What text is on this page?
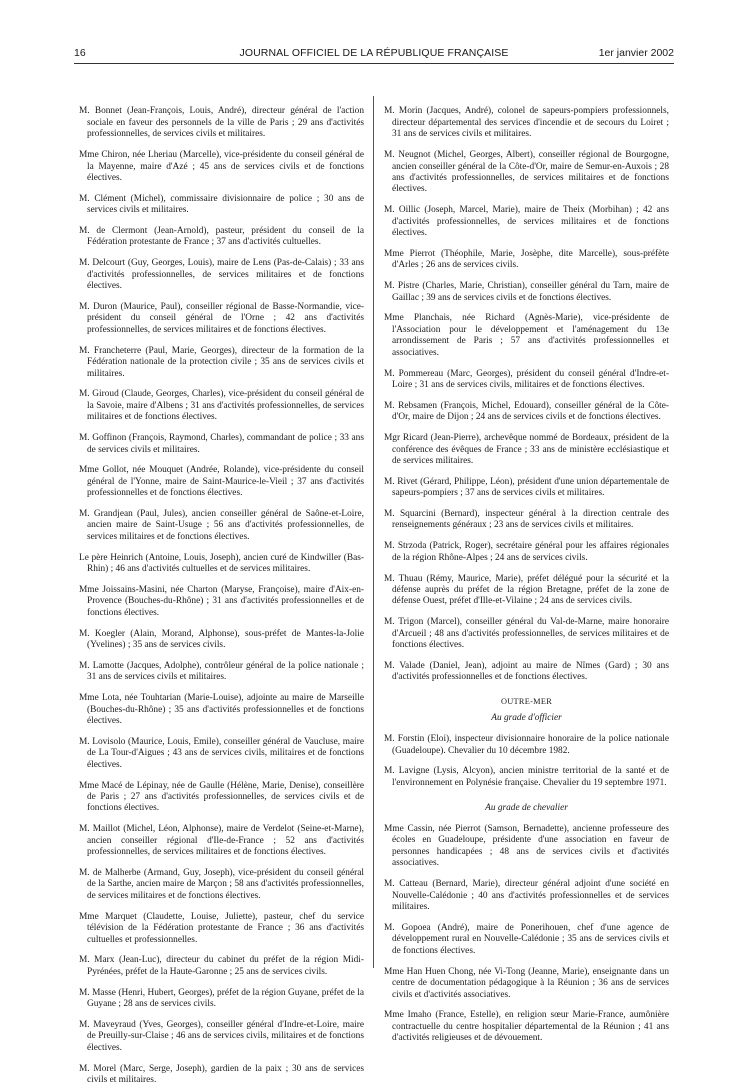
16	JOURNAL OFFICIEL DE LA RÉPUBLIQUE FRANÇAISE	1er janvier 2002

M. Bonnet (Jean-François, Louis, André), directeur général de l'action sociale en faveur des personnels de la ville de Paris ; 29 ans d'activités professionnelles, de services civils et militaires.

Mme Chiron, née Lheriau (Marcelle), vice-présidente du conseil général de la Mayenne, maire d'Azé ; 45 ans de services civils et de fonctions électives.

M. Clément (Michel), commissaire divisionnaire de police ; 30 ans de services civils et militaires.

M. de Clermont (Jean-Arnold), pasteur, président du conseil de la Fédération protestante de France ; 37 ans d'activités cultuelles.

M. Delcourt (Guy, Georges, Louis), maire de Lens (Pas-de-Calais) ; 33 ans d'activités professionnelles, de services militaires et de fonctions électives.

M. Duron (Maurice, Paul), conseiller régional de Basse-Normandie, vice-président du conseil général de l'Orne ; 42 ans d'activités professionnelles, de services militaires et de fonctions électives.

M. Francheterre (Paul, Marie, Georges), directeur de la formation de la Fédération nationale de la protection civile ; 35 ans de services civils et militaires.

M. Giroud (Claude, Georges, Charles), vice-président du conseil général de la Savoie, maire d'Albens ; 31 ans d'activités professionnelles, de services militaires et de fonctions électives.

M. Goffinon (François, Raymond, Charles), commandant de police ; 33 ans de services civils et militaires.

Mme Gollot, née Mouquet (Andrée, Rolande), vice-présidente du conseil général de l'Yonne, maire de Saint-Maurice-le-Vieil ; 37 ans d'activités professionnelles et de fonctions électives.

M. Grandjean (Paul, Jules), ancien conseiller général de Saône-et-Loire, ancien maire de Saint-Usuge ; 56 ans d'activités professionnelles, de services militaires et de fonctions électives.

Le père Heinrich (Antoine, Louis, Joseph), ancien curé de Kindwiller (Bas-Rhin) ; 46 ans d'activités cultuelles et de services militaires.

Mme Joissains-Masini, née Charton (Maryse, Françoise), maire d'Aix-en-Provence (Bouches-du-Rhône) ; 31 ans d'activités professionnelles et de fonctions électives.

M. Koegler (Alain, Morand, Alphonse), sous-préfet de Mantes-la-Jolie (Yvelines) ; 35 ans de services civils.

M. Lamotte (Jacques, Adolphe), contrôleur général de la police nationale ; 31 ans de services civils et militaires.

Mme Lota, née Touhtarian (Marie-Louise), adjointe au maire de Marseille (Bouches-du-Rhône) ; 35 ans d'activités professionnelles et de fonctions électives.

M. Lovisolo (Maurice, Louis, Emile), conseiller général de Vaucluse, maire de La Tour-d'Aigues ; 43 ans de services civils, militaires et de fonctions électives.

Mme Macé de Lépinay, née de Gaulle (Hélène, Marie, Denise), conseillère de Paris ; 27 ans d'activités professionnelles, de services civils et de fonctions électives.

M. Maillot (Michel, Léon, Alphonse), maire de Verdelot (Seine-et-Marne), ancien conseiller régional d'Ile-de-France ; 52 ans d'activités professionnelles, de services militaires et de fonctions électives.

M. de Malherbe (Armand, Guy, Joseph), vice-président du conseil général de la Sarthe, ancien maire de Marçon ; 58 ans d'activités professionnelles, de services militaires et de fonctions électives.

Mme Marquet (Claudette, Louise, Juliette), pasteur, chef du service télévision de la Fédération protestante de France ; 36 ans d'activités cultuelles et professionnelles.

M. Marx (Jean-Luc), directeur du cabinet du préfet de la région Midi-Pyrénées, préfet de la Haute-Garonne ; 25 ans de services civils.

M. Masse (Henri, Hubert, Georges), préfet de la région Guyane, préfet de la Guyane ; 28 ans de services civils.

M. Maveyraud (Yves, Georges), conseiller général d'Indre-et-Loire, maire de Preuilly-sur-Claise ; 46 ans de services civils, militaires et de fonctions électives.

M. Morel (Marc, Serge, Joseph), gardien de la paix ; 30 ans de services civils et militaires.

M. Morin (Jacques, André), colonel de sapeurs-pompiers professionnels, directeur départemental des services d'incendie et de secours du Loiret ; 31 ans de services civils et militaires.

M. Neugnot (Michel, Georges, Albert), conseiller régional de Bourgogne, ancien conseiller général de la Côte-d'Or, maire de Semur-en-Auxois ; 28 ans d'activités professionnelles, de services militaires et de fonctions électives.

M. Oillic (Joseph, Marcel, Marie), maire de Theix (Morbihan) ; 42 ans d'activités professionnelles, de services militaires et de fonctions électives.

Mme Pierrot (Théophile, Marie, Josèphe, dite Marcelle), sous-préfète d'Arles ; 26 ans de services civils.

M. Pistre (Charles, Marie, Christian), conseiller général du Tarn, maire de Gaillac ; 39 ans de services civils et de fonctions électives.

Mme Planchais, née Richard (Agnès-Marie), vice-présidente de l'Association pour le développement et l'aménagement du 13e arrondissement de Paris ; 57 ans d'activités professionnelles et associatives.

M. Pommereau (Marc, Georges), président du conseil général d'Indre-et-Loire ; 31 ans de services civils, militaires et de fonctions électives.

M. Rebsamen (François, Michel, Edouard), conseiller général de la Côte-d'Or, maire de Dijon ; 24 ans de services civils et de fonctions électives.

Mgr Ricard (Jean-Pierre), archevêque nommé de Bordeaux, président de la conférence des évêques de France ; 33 ans de ministère ecclésiastique et de services militaires.

M. Rivet (Gérard, Philippe, Léon), président d'une union départementale de sapeurs-pompiers ; 37 ans de services civils et militaires.

M. Squarcini (Bernard), inspecteur général à la direction centrale des renseignements généraux ; 23 ans de services civils et militaires.

M. Strzoda (Patrick, Roger), secrétaire général pour les affaires régionales de la région Rhône-Alpes ; 24 ans de services civils.

M. Thuau (Rémy, Maurice, Marie), préfet délégué pour la sécurité et la défense auprès du préfet de la région Bretagne, préfet de la zone de défense Ouest, préfet d'Ille-et-Vilaine ; 24 ans de services civils.

M. Trigon (Marcel), conseiller général du Val-de-Marne, maire honoraire d'Arcueil ; 48 ans d'activités professionnelles, de services militaires et de fonctions électives.

M. Valade (Daniel, Jean), adjoint au maire de Nîmes (Gard) ; 30 ans d'activités professionnelles et de fonctions électives.

OUTRE-MER
Au grade d'officier

M. Forstin (Eloi), inspecteur divisionnaire honoraire de la police nationale (Guadeloupe). Chevalier du 10 décembre 1982.

M. Lavigne (Lysis, Alcyon), ancien ministre territorial de la santé et de l'environnement en Polynésie française. Chevalier du 19 septembre 1971.

Au grade de chevalier

Mme Cassin, née Pierrot (Samson, Bernadette), ancienne professeure des écoles en Guadeloupe, présidente d'une association en faveur de personnes handicapées ; 48 ans de services civils et d'activités associatives.

M. Catteau (Bernard, Marie), directeur général adjoint d'une société en Nouvelle-Calédonie ; 40 ans d'activités professionnelles et de services militaires.

M. Gopoea (André), maire de Ponerihouen, chef d'une agence de développement rural en Nouvelle-Calédonie ; 35 ans de services civils et de fonctions électives.

Mme Han Huen Chong, née Vi-Tong (Jeanne, Marie), enseignante dans un centre de documentation pédagogique à la Réunion ; 36 ans de services civils et d'activités associatives.

Mme Imaho (France, Estelle), en religion sœur Marie-France, aumônière contractuelle du centre hospitalier départemental de la Réunion ; 41 ans d'activités religieuses et de dévouement.
